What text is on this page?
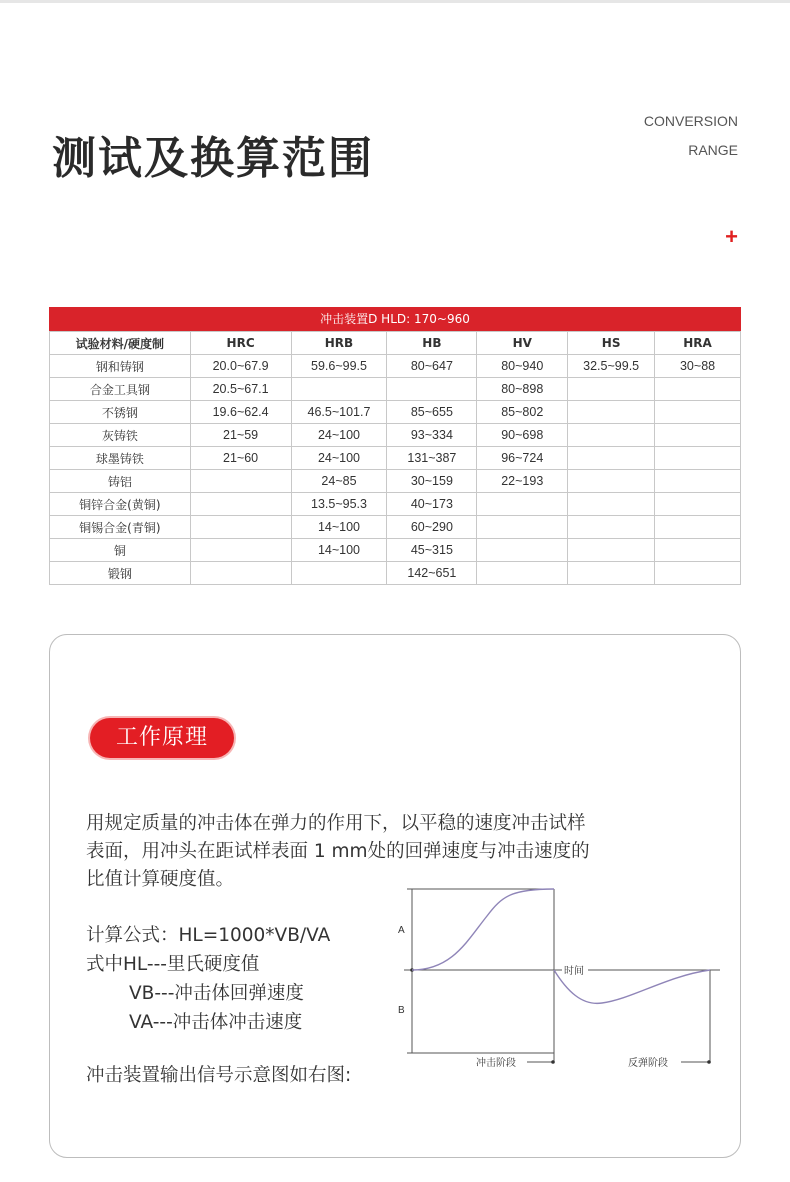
测试及换算范围
CONVERSION
RANGE
+
冲击装置D HLD: 170~960
试验材料/硬度制	HRC	HRB	HB	HV	HS	HRA
钢和铸钢	20.0~67.9	59.6~99.5	80~647	80~940	32.5~99.5	30~88
合金工具钢	20.5~67.1			80~898		
不锈钢	19.6~62.4	46.5~101.7	85~655	85~802		
灰铸铁	21~59	24~100	93~334	90~698		
球墨铸铁	21~60	24~100	131~387	96~724		
铸铝		24~85	30~159	22~193		
铜锌合金(黄铜)		13.5~95.3	40~173			
铜锡合金(青铜)		14~100	60~290			
铜		14~100	45~315			
锻钢			142~651			
工作原理
用规定质量的冲击体在弹力的作用下，以平稳的速度冲击试样
表面，用冲头在距试样表面 1 mm处的回弹速度与冲击速度的
比值计算硬度值。
计算公式：HL=1000*VB/VA
式中HL---里氏硬度值
VB---冲击体回弹速度
VA---冲击体冲击速度
冲击装置输出信号示意图如右图:
A
B
时间
冲击阶段	反弹阶段
